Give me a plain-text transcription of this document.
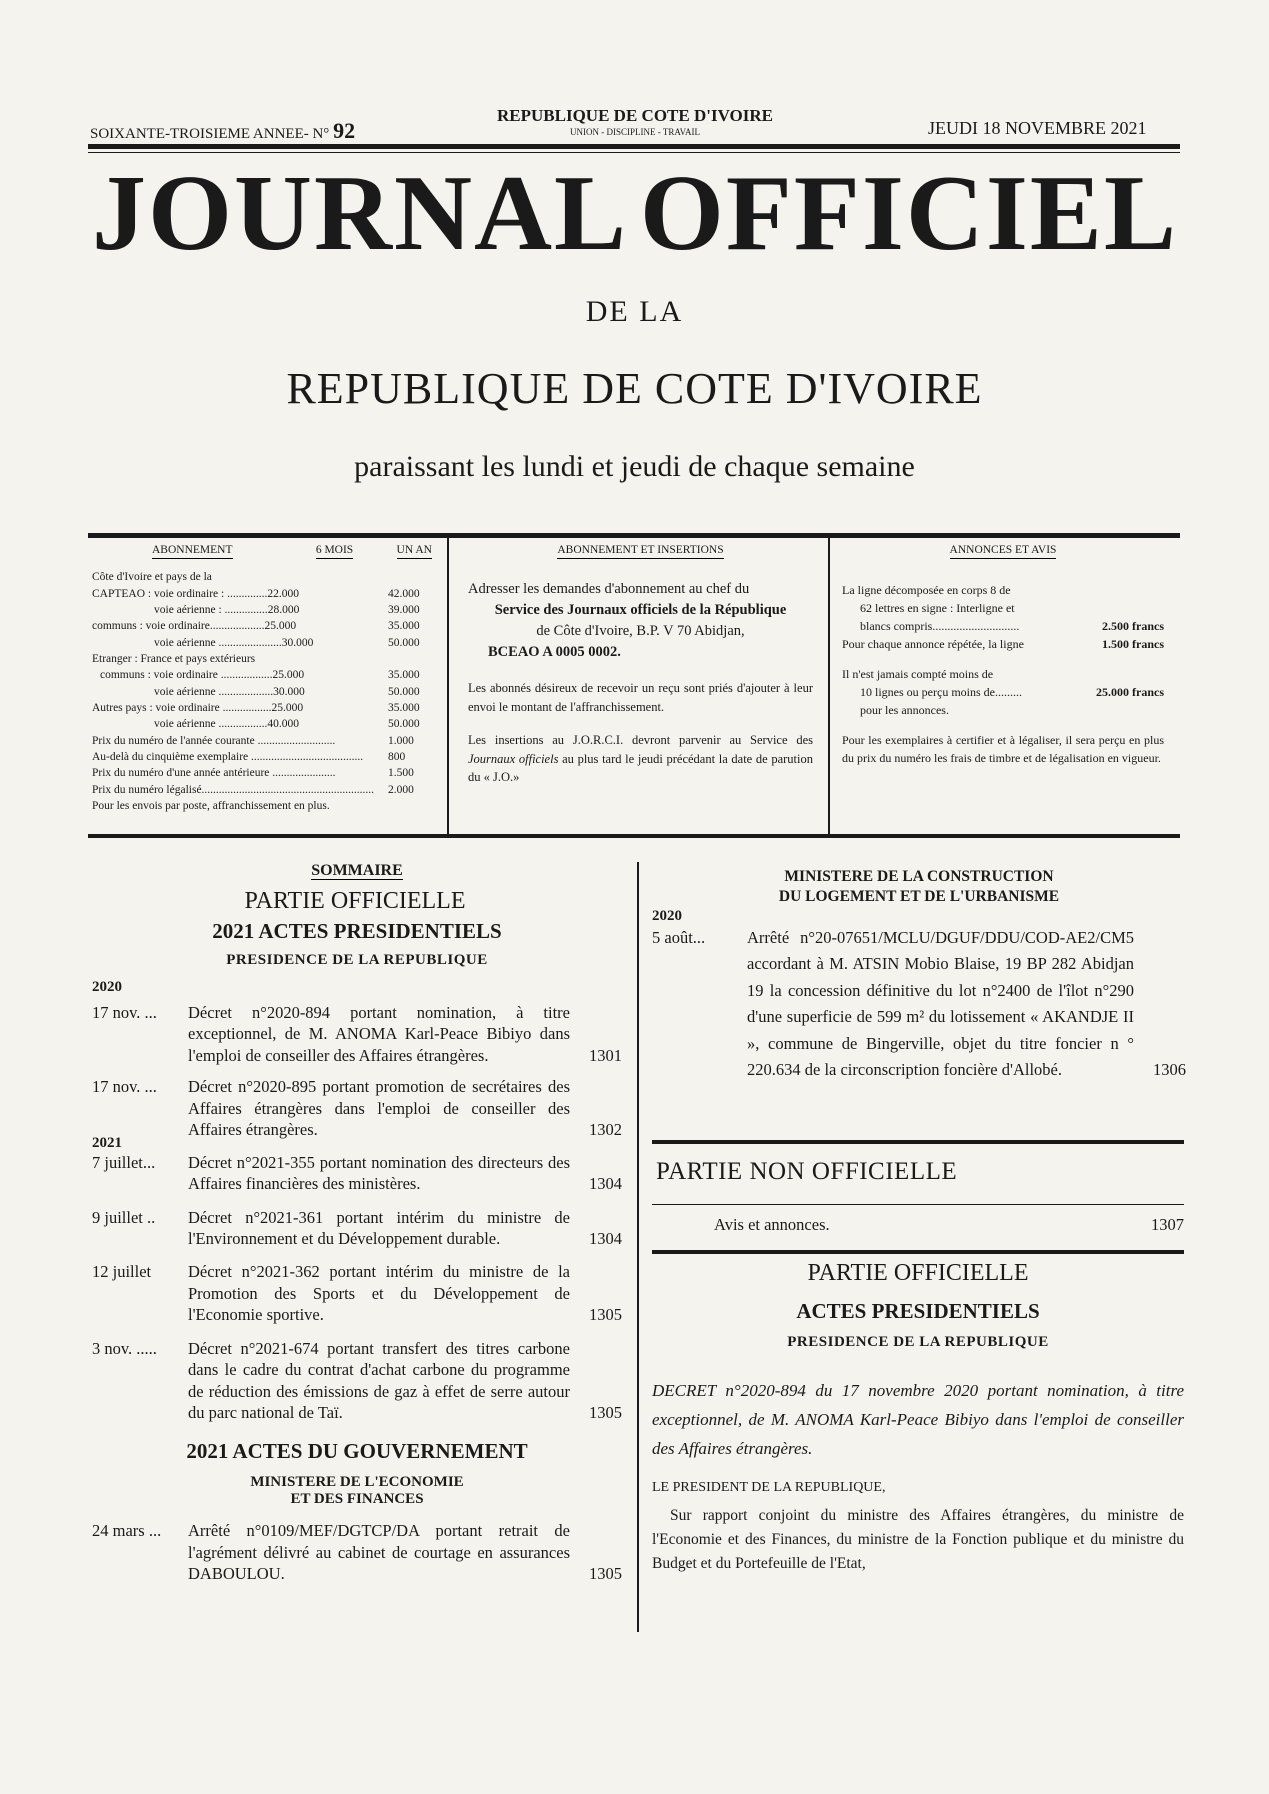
SOIXANTE-TROISIEME ANNEE- N° 92
REPUBLIQUE DE COTE D'IVOIRE
UNION - DISCIPLINE - TRAVAIL	JEUDI 18 NOVEMBRE 2021
JOURNAL OFFICIEL
DE LA
REPUBLIQUE DE COTE D'IVOIRE
paraissant les lundi et jeudi de chaque semaine
ABONNEMENT	6 MOIS	UN AN
Côte d'Ivoire et pays de la
CAPTEAO : voie ordinaire : .............. 22.000	42.000
voie aérienne : ............... 28.000	39.000
communs : voie ordinaire................... 25.000	35.000
voie aérienne ...................... 30.000	50.000
Etranger : France et pays extérieurs
communs : voie ordinaire .................. 25.000	35.000
voie aérienne ................... 30.000	50.000
Autres pays : voie ordinaire ................. 25.000	35.000
voie aérienne ................. 40.000	50.000
Prix du numéro de l'année courante ...........................	1.000
Au-delà du cinquième exemplaire ....................................... 800
Prix du numéro d'une année antérieure ......................	1.500
Prix du numéro légalisé............................................................ 2.000
Pour les envois par poste, affranchissement en plus.
ABONNEMENT ET INSERTIONS
Adresser les demandes d'abonnement au chef du
Service des Journaux officiels de la République
de Côte d'Ivoire, B.P. V 70 Abidjan,
BCEAO A 0005 0002.
Les abonnés désireux de recevoir un reçu sont priés d'ajouter à leur envoi le montant de l'affranchissement.
Les insertions au J.O.R.C.I. devront parvenir au Service des Journaux officiels au plus tard le jeudi précédant la date de parution du « J.O.»
ANNONCES ET AVIS
La ligne décomposée en corps 8 de
62 lettres en signe : Interligne et
blancs compris.............................	2.500 francs
Pour chaque annonce répétée, la ligne	1.500 francs
Il n'est jamais compté moins de
10 lignes ou perçu moins de.........	25.000 francs
pour les annonces.
Pour les exemplaires à certifier et à légaliser, il sera perçu en plus du prix du numéro les frais de timbre et de légalisation en vigueur.
SOMMAIRE
PARTIE OFFICIELLE
2021 ACTES PRESIDENTIELS
PRESIDENCE DE LA REPUBLIQUE
2020
17 nov. ...	Décret n°2020-894 portant nomination, à titre exceptionnel, de M. ANOMA Karl-Peace Bibiyo dans l'emploi de conseiller des Affaires étrangères.	1301
17 nov. ...	Décret n°2020-895 portant promotion de secrétaires des Affaires étrangères dans l'emploi de conseiller des Affaires étrangères.	1302
2021
7 juillet...	Décret n°2021-355 portant nomination des directeurs des Affaires financières des ministères.	1304
9 juillet ..	Décret n°2021-361 portant intérim du ministre de l'Environnement et du Développement durable.	1304
12 juillet	Décret n°2021-362 portant intérim du ministre de la Promotion des Sports et du Développement de l'Economie sportive.	1305
3 nov. .....	Décret n°2021-674 portant transfert des titres carbone dans le cadre du contrat d'achat carbone du programme de réduction des émissions de gaz à effet de serre autour du parc national de Taï.	1305
2021 ACTES DU GOUVERNEMENT
MINISTERE DE L'ECONOMIE
ET DES FINANCES
24 mars ...	Arrêté n°0109/MEF/DGTCP/DA portant retrait de l'agrément délivré au cabinet de courtage en assurances DABOULOU.	1305
MINISTERE DE LA CONSTRUCTION
DU LOGEMENT ET DE L'URBANISME
2020
5 août...	Arrêté n°20-07651/MCLU/DGUF/DDU/COD-AE2/CM5 accordant à M. ATSIN Mobio Blaise, 19 BP 282 Abidjan 19 la concession définitive du lot n°2400 de l'îlot n°290 d'une superficie de 599 m² du lotissement « AKANDJE II », commune de Bingerville, objet du titre foncier n ° 220.634 de la circonscription foncière d'Allobé.	1306
PARTIE NON OFFICIELLE
Avis et annonces.	1307
PARTIE OFFICIELLE
ACTES PRESIDENTIELS
PRESIDENCE DE LA REPUBLIQUE
DECRET n°2020-894 du 17 novembre 2020 portant nomination, à titre exceptionnel, de M. ANOMA Karl-Peace Bibiyo dans l'emploi de conseiller des Affaires étrangères.
LE PRESIDENT DE LA REPUBLIQUE,
Sur rapport conjoint du ministre des Affaires étrangères, du ministre de l'Economie et des Finances, du ministre de la Fonction publique et du ministre du Budget et du Portefeuille de l'Etat,
